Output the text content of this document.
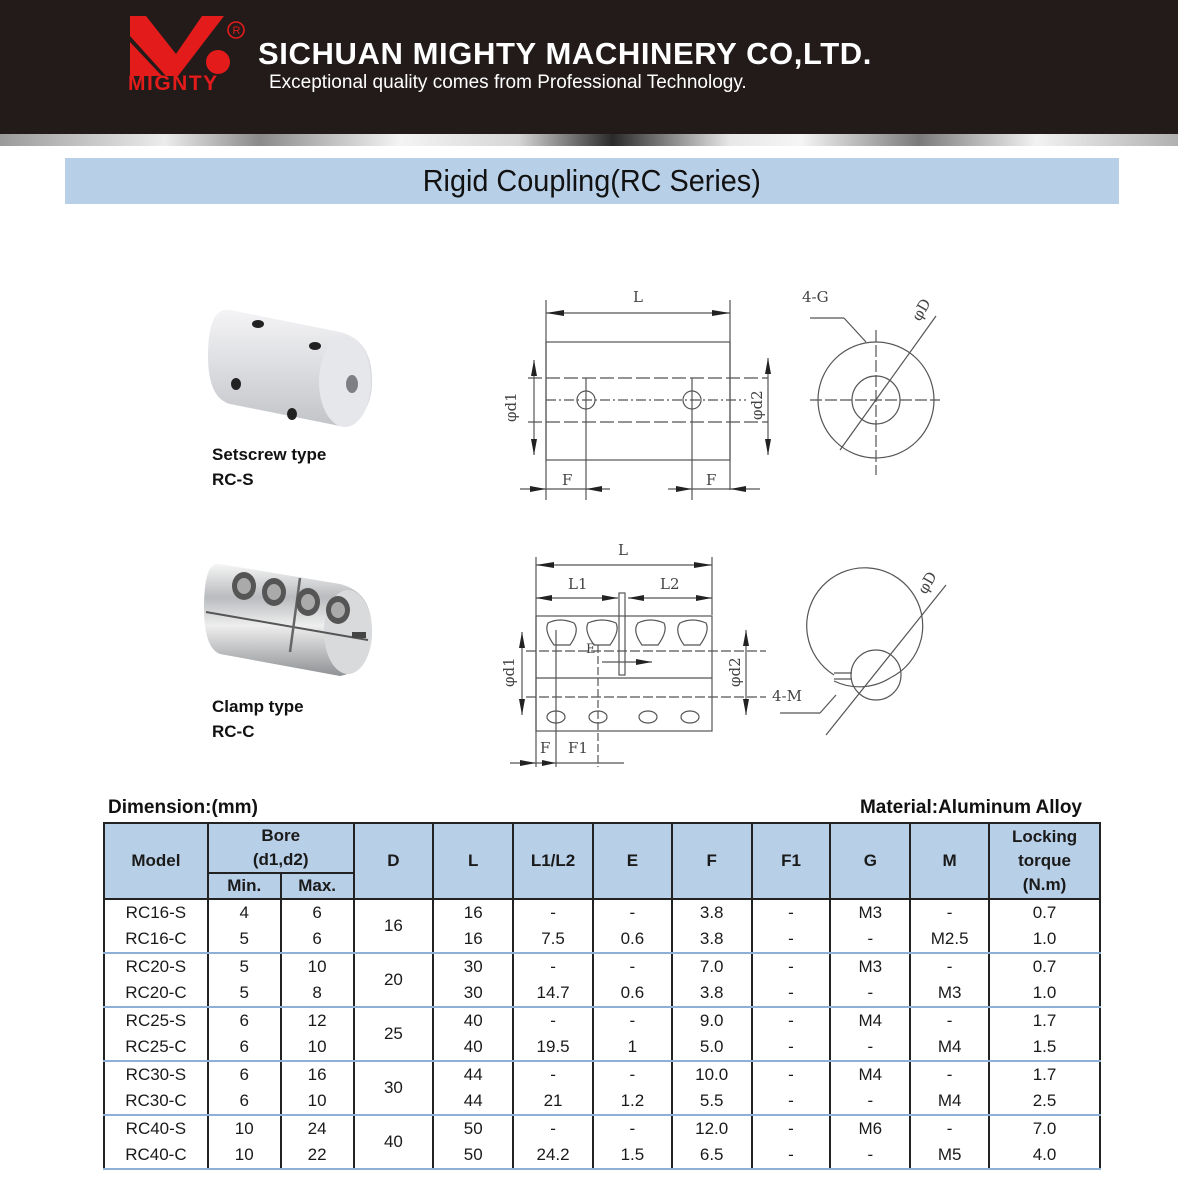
R
MIGNTY
SICHUAN MIGHTY MACHINERY CO,LTD.
Exceptional quality comes from Professional Technology.
Rigid Coupling(RC Series)
Setscrew type
RC-S
Clamp type
RC-C
L
φd1	φd2
F	F
4-G	φD
L
L1	L2
E
φd1	φd2
F F1
4-M
φD
Dimension:(mm)	Material:Aluminum Alloy
Model	
Bore
(d1,d2)	D	L	L1/L2	E	F	F1	G	M	
Locking
torque
(N.m)

	Min.	Max.									
RC16-S	4	6	16	16	-	-	3.8	-	M3	-	0.7
RC16-C	5	6		16	7.5	0.6	3.8	-	-	M2.5	1.0
RC20-S	5	10	20	30	-	-	7.0	-	M3	-	0.7
RC20-C	5	8		30	14.7	0.6	3.8	-	-	M3	1.0
RC25-S	6	12	25	40	-	-	9.0	-	M4	-	1.7
RC25-C	6	10		40	19.5	1	5.0	-	-	M4	1.5
RC30-S	6	16	30	44	-	-	10.0	-	M4	-	1.7
RC30-C	6	10		44	21	1.2	5.5	-	-	M4	2.5
RC40-S	10	24	40	50	-	-	12.0	-	M6	-	7.0
RC40-C	10	22		50	24.2	1.5	6.5	-	-	M5	4.0
